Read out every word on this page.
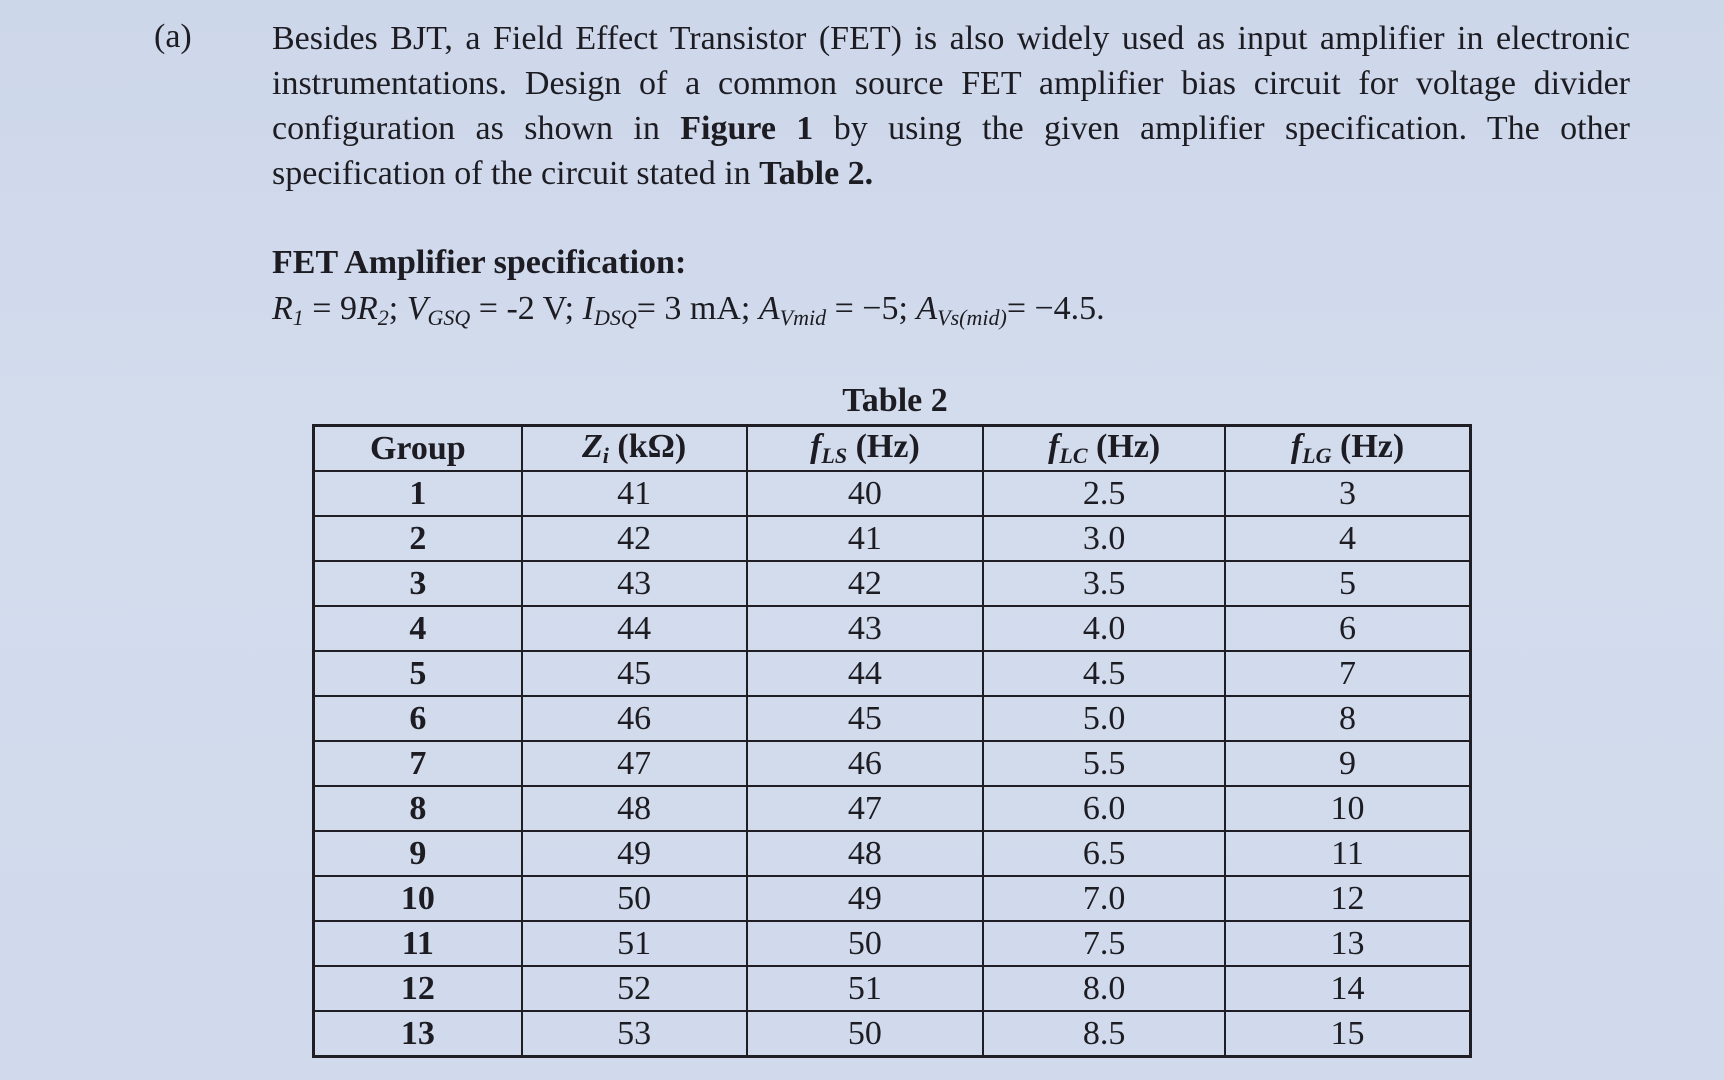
(a) Besides BJT, a Field Effect Transistor (FET) is also widely used as input amplifier in electronic

instrumentations. Design of a common source FET amplifier bias circuit for voltage divider

configuration as shown in Figure 1 by using the given amplifier specification. The other

specification of the circuit stated in Table 2.

FET Amplifier specification:
$R_1 = 9R_2$; $V_{GSQ} = -2$ V; $I_{DSQ}= 3$ mA; $A_{Vmid} = -5$; $A_{Vs(mid)}= -4.5$.
Table 2
Group	Zi (kΩ)	fLS (Hz)	fLC (Hz)	fLG (Hz)
1	41	40	2.5	3
2	42	41	3.0	4
3	43	42	3.5	5
4	44	43	4.0	6
5	45	44	4.5	7
6	46	45	5.0	8
7	47	46	5.5	9
8	48	47	6.0	10
9	49	48	6.5	11
10	50	49	7.0	12
11	51	50	7.5	13
12	52	51	8.0	14
13	53	50	8.5	15
